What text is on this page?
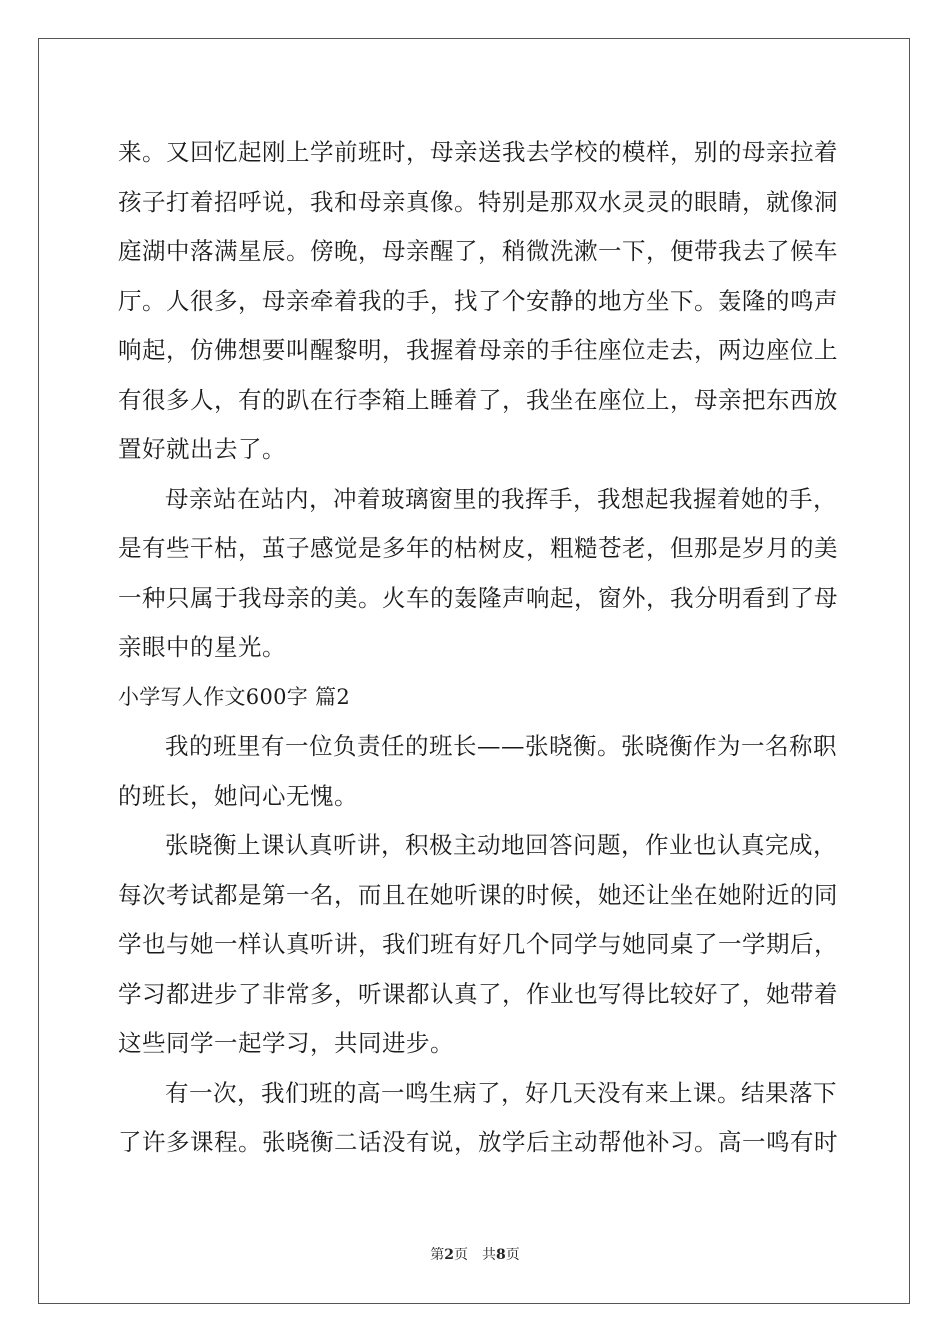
来。又回忆起刚上学前班时，母亲送我去学校的模样，别的母亲拉着
孩子打着招呼说，我和母亲真像。特别是那双水灵灵的眼睛，就像洞
庭湖中落满星辰。傍晚，母亲醒了，稍微洗漱一下，便带我去了候车
厅。人很多，母亲牵着我的手，找了个安静的地方坐下。轰隆的鸣声
响起，仿佛想要叫醒黎明，我握着母亲的手往座位走去，两边座位上
有很多人，有的趴在行李箱上睡着了，我坐在座位上，母亲把东西放
置好就出去了。
母亲站在站内，冲着玻璃窗里的我挥手，我想起我握着她的手，
是有些干枯，茧子感觉是多年的枯树皮，粗糙苍老，但那是岁月的美
一种只属于我母亲的美。火车的轰隆声响起，窗外，我分明看到了母
亲眼中的星光。
小学写人作文600字 篇2
我的班里有一位负责任的班长——张晓衡。张晓衡作为一名称职
的班长，她问心无愧。
张晓衡上课认真听讲，积极主动地回答问题，作业也认真完成，
每次考试都是第一名，而且在她听课的时候，她还让坐在她附近的同
学也与她一样认真听讲，我们班有好几个同学与她同桌了一学期后，
学习都进步了非常多，听课都认真了，作业也写得比较好了，她带着
这些同学一起学习，共同进步。
有一次，我们班的高一鸣生病了，好几天没有来上课。结果落下
了许多课程。张晓衡二话没有说，放学后主动帮他补习。高一鸣有时
第2页 共8页
